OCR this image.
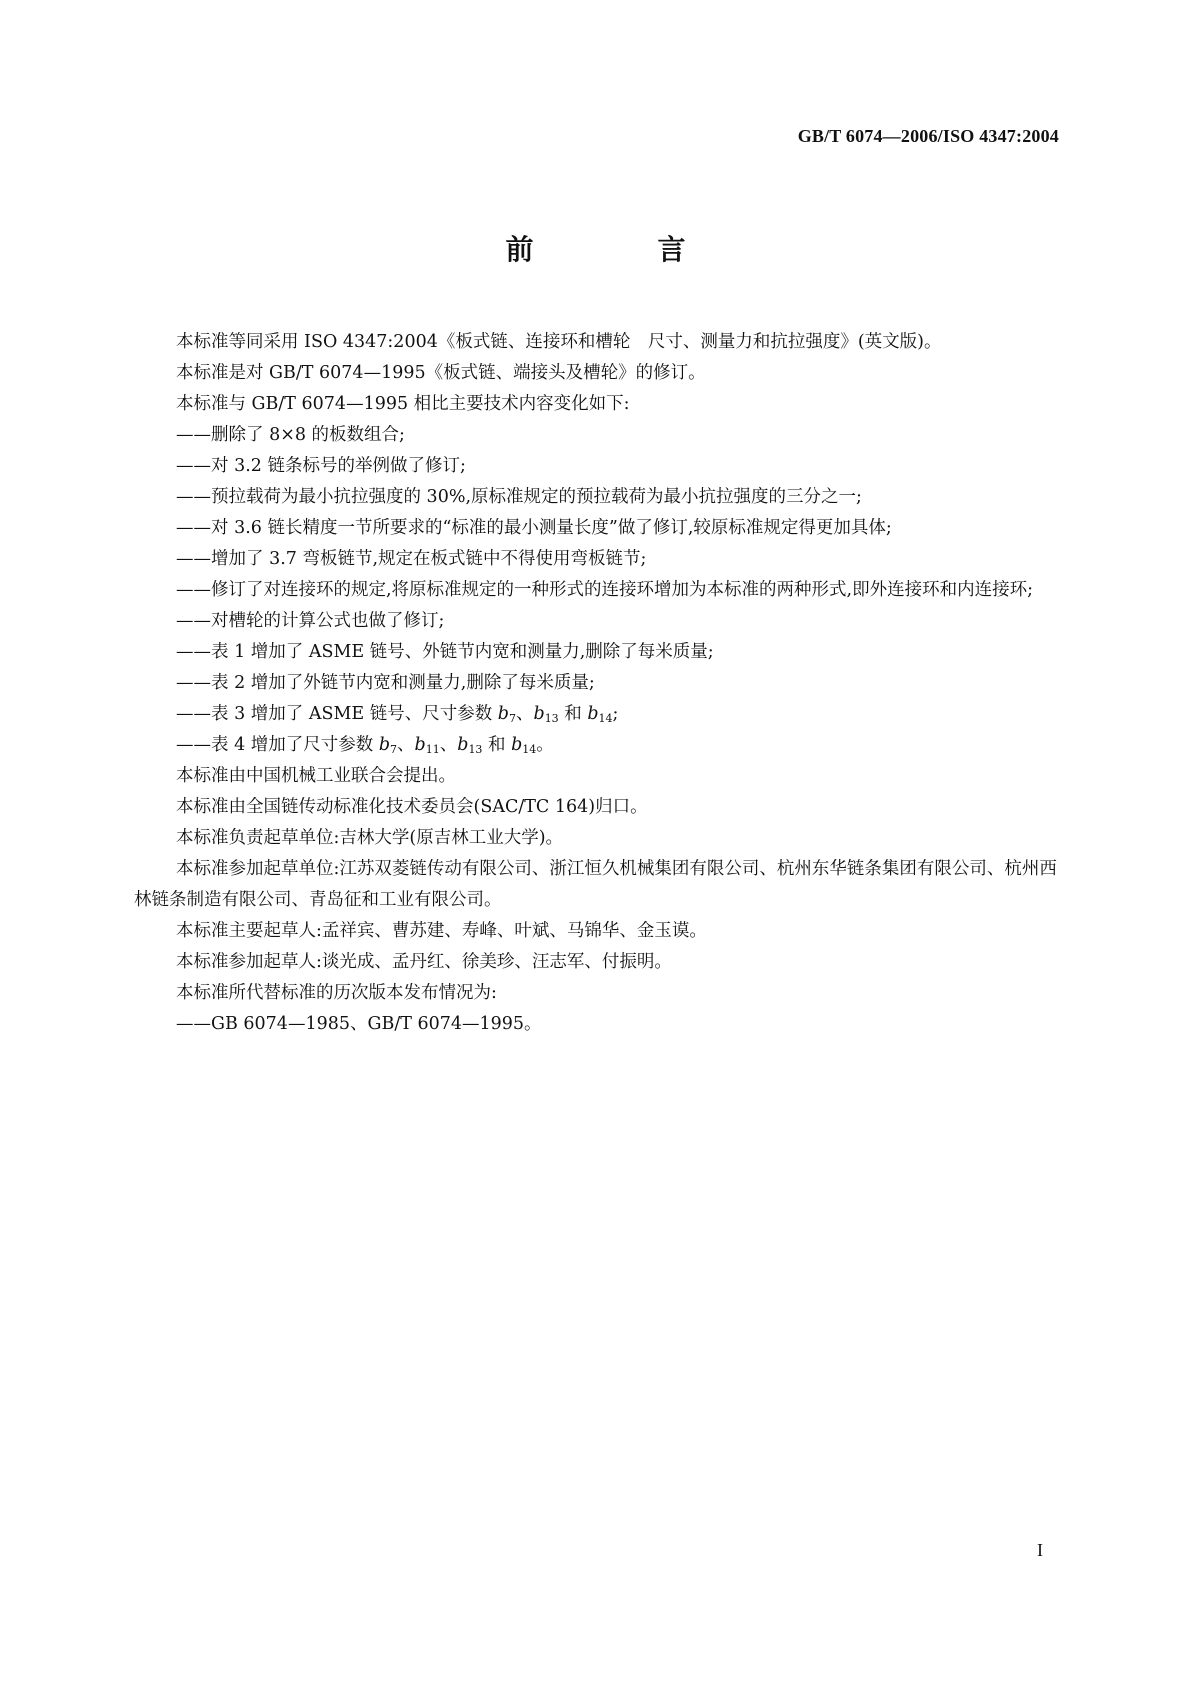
GB/T 6074—2006/ISO 4347:2004
前　言

本标准等同采用 ISO 4347:2004《板式链、连接环和槽轮　尺寸、测量力和抗拉强度》(英文版)。

本标准是对 GB/T 6074—1995《板式链、端接头及槽轮》的修订。

本标准与 GB/T 6074—1995 相比主要技术内容变化如下:

——删除了 8×8 的板数组合;

——对 3.2 链条标号的举例做了修订;

——预拉载荷为最小抗拉强度的 30%,原标准规定的预拉载荷为最小抗拉强度的三分之一;

——对 3.6 链长精度一节所要求的“标准的最小测量长度”做了修订,较原标准规定得更加具体;

——增加了 3.7 弯板链节,规定在板式链中不得使用弯板链节;

——修订了对连接环的规定,将原标准规定的一种形式的连接环增加为本标准的两种形式,即外连接环和内连接环;

——对槽轮的计算公式也做了修订;

——表 1 增加了 ASME 链号、外链节内宽和测量力,删除了每米质量;

——表 2 增加了外链节内宽和测量力,删除了每米质量;

——表 3 增加了 ASME 链号、尺寸参数 $b_7$、$b_{13}$ 和 $b_{14}$;

——表 4 增加了尺寸参数 $b_7$、$b_{11}$、$b_{13}$ 和 $b_{14}$。

本标准由中国机械工业联合会提出。

本标准由全国链传动标准化技术委员会(SAC/TC 164)归口。

本标准负责起草单位:吉林大学(原吉林工业大学)。

本标准参加起草单位:江苏双菱链传动有限公司、浙江恒久机械集团有限公司、杭州东华链条集团有限公司、杭州西林链条制造有限公司、青岛征和工业有限公司。

本标准主要起草人:孟祥宾、曹苏建、寿峰、叶斌、马锦华、金玉谟。

本标准参加起草人:谈光成、孟丹红、徐美珍、汪志军、付振明。

本标准所代替标准的历次版本发布情况为:

——GB 6074—1985、GB/T 6074—1995。

I
